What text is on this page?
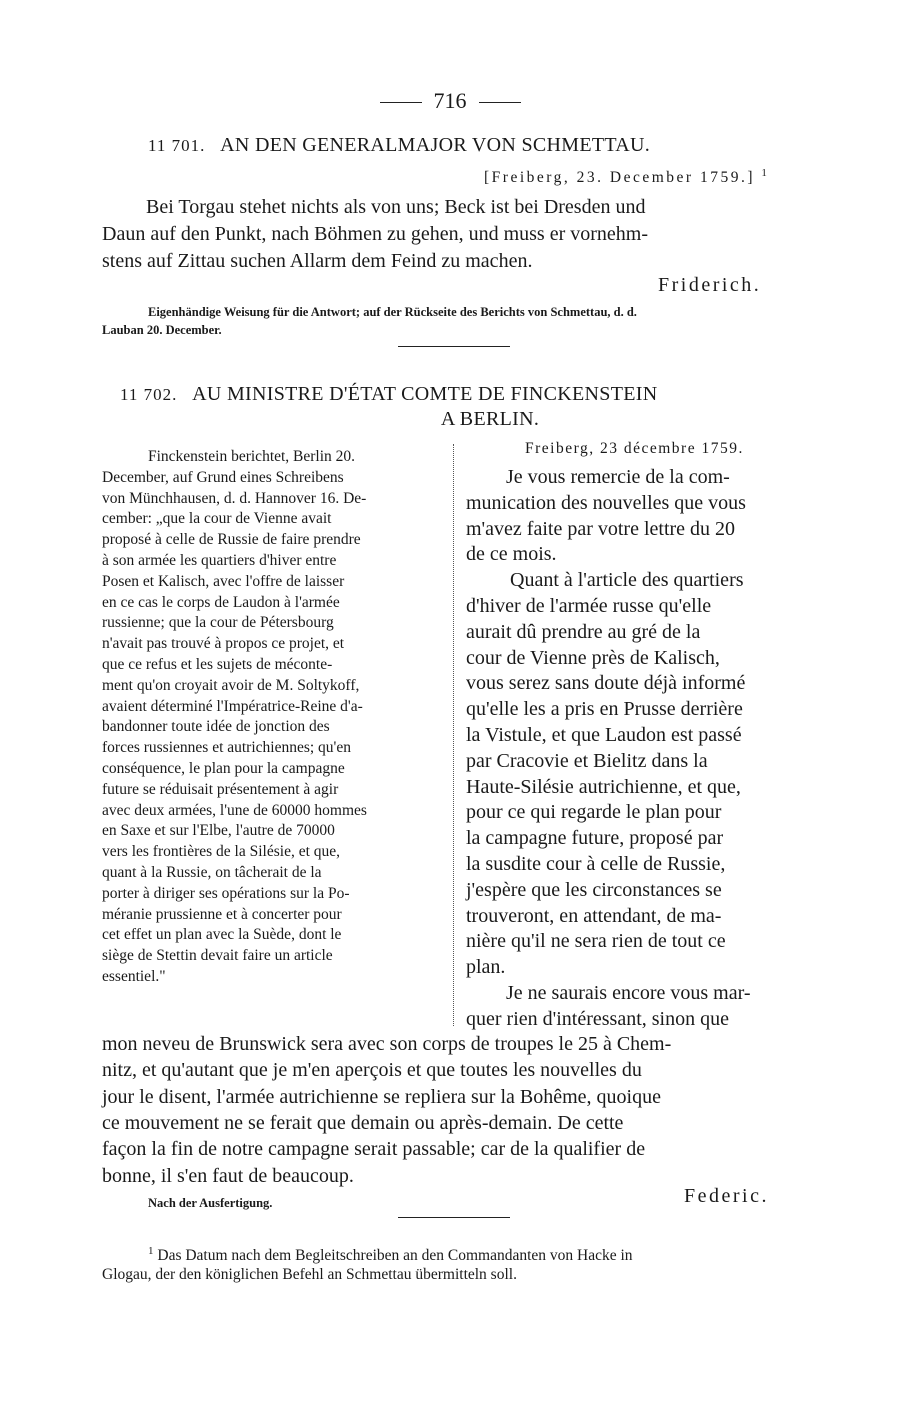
716
11 701. AN DEN GENERALMAJOR VON SCHMETTAU.
[Freiberg, 23. December 1759.] $^1$
Bei Torgau stehet nichts als von uns; Beck ist bei Dresden und
Daun auf den Punkt, nach Böhmen zu gehen, und muss er vornehm-
stens auf Zittau suchen Allarm dem Feind zu machen.
Friderich.
Eigenhändige Weisung für die Antwort; auf der Rückseite des Berichts von Schmettau, d. d.
Lauban 20. December.
11 702. AU MINISTRE D'ÉTAT COMTE DE FINCKENSTEIN
A BERLIN.
Finckenstein berichtet, Berlin 20.
December, auf Grund eines Schreibens
von Münchhausen, d. d. Hannover 16. De-
cember: „que la cour de Vienne avait
proposé à celle de Russie de faire prendre
à son armée les quartiers d'hiver entre
Posen et Kalisch, avec l'offre de laisser
en ce cas le corps de Laudon à l'armée
russienne; que la cour de Pétersbourg
n'avait pas trouvé à propos ce projet, et
que ce refus et les sujets de méconte-
ment qu'on croyait avoir de M. Soltykoff,
avaient déterminé l'Impératrice-Reine d'a-
bandonner toute idée de jonction des
forces russiennes et autrichiennes; qu'en
conséquence, le plan pour la campagne
future se réduisait présentement à agir
avec deux armées, l'une de 60000 hommes
en Saxe et sur l'Elbe, l'autre de 70000
vers les frontières de la Silésie, et que,
quant à la Russie, on tâcherait de la
porter à diriger ses opérations sur la Po-
méranie prussienne et à concerter pour
cet effet un plan avec la Suède, dont le
siège de Stettin devait faire un article
essentiel."
Freiberg, 23 décembre 1759.
Je vous remercie de la com-
munication des nouvelles que vous
m'avez faite par votre lettre du 20
de ce mois.
Quant à l'article des quartiers
d'hiver de l'armée russe qu'elle
aurait dû prendre au gré de la
cour de Vienne près de Kalisch,
vous serez sans doute déjà informé
qu'elle les a pris en Prusse derrière
la Vistule, et que Laudon est passé
par Cracovie et Bielitz dans la
Haute-Silésie autrichienne, et que,
pour ce qui regarde le plan pour
la campagne future, proposé par
la susdite cour à celle de Russie,
j'espère que les circonstances se
trouveront, en attendant, de ma-
nière qu'il ne sera rien de tout ce
plan.
Je ne saurais encore vous mar-
quer rien d'intéressant, sinon que
mon neveu de Brunswick sera avec son corps de troupes le 25 à Chem-
nitz, et qu'autant que je m'en aperçois et que toutes les nouvelles du
jour le disent, l'armée autrichienne se repliera sur la Bohême, quoique
ce mouvement ne se ferait que demain ou après-demain. De cette
façon la fin de notre campagne serait passable; car de la qualifier de
bonne, il s'en faut de beaucoup.
Nach der Ausfertigung.	Federic.
$^1$ Das Datum nach dem Begleitschreiben an den Commandanten von Hacke in
Glogau, der den königlichen Befehl an Schmettau übermitteln soll.
